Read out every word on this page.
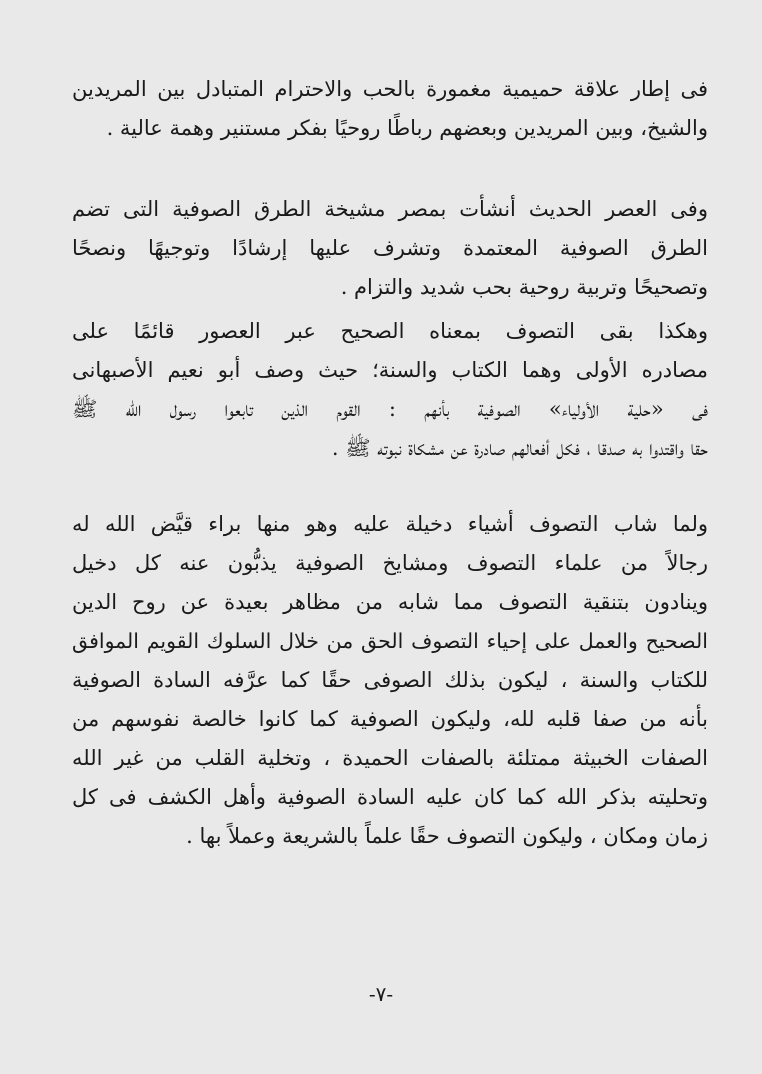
فى إطار علاقة حميمية مغمورة بالحب والاحترام المتبادل بين المريدين
والشيخ، وبين المريدين وبعضهم رباطًا روحيًا بفكر مستنير وهمة عالية .
وفى العصر الحديث أنشأت بمصر مشيخة الطرق الصوفية التى تضم
الطرق الصوفية المعتمدة وتشرف عليها إرشادًا وتوجيهًا ونصحًا
وتصحيحًا وتربية روحية بحب شديد والتزام .
وهكذا بقى التصوف بمعناه الصحيح عبر العصور قائمًا على
مصادره الأولى وهما الكتاب والسنة؛ حيث وصف أبو نعيم الأصبهانى
فى «حلية الأولياء» الصوفية بأنهم : القوم الذين تابعوا رسول الله ﷺ
حقا واقتدوا به صدقا ، فكل أفعالهم صادرة عن مشكاة نبوته ﷺ .
ولما شاب التصوف أشياء دخيلة عليه وهو منها براء قيَّض الله له
رجالاً من علماء التصوف ومشايخ الصوفية يذبُّون عنه كل دخيل
وينادون بتنقية التصوف مما شابه من مظاهر بعيدة عن روح الدين
الصحيح والعمل على إحياء التصوف الحق من خلال السلوك القويم الموافق
للكتاب والسنة ، ليكون بذلك الصوفى حقًا كما عرَّفه السادة الصوفية
بأنه من صفا قلبه لله، وليكون الصوفية كما كانوا خالصة نفوسهم من
الصفات الخبيثة ممتلئة بالصفات الحميدة ، وتخلية القلب من غير الله
وتحليته بذكر الله كما كان عليه السادة الصوفية وأهل الكشف فى كل
زمان ومكان ، وليكون التصوف حقًا علماً بالشريعة وعملاً بها .
-٧-
